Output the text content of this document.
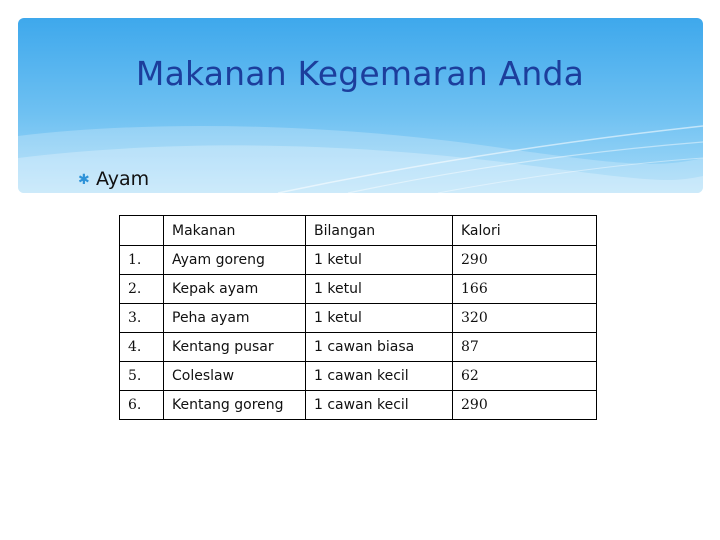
Makanan Kegemaran Anda
✱ Ayam
	Makanan	Bilangan	Kalori
1.	Ayam goreng	1 ketul	290
2.	Kepak ayam	1 ketul	166
3.	Peha ayam	1 ketul	320
4.	Kentang pusar	1 cawan biasa	87
5.	Coleslaw	1 cawan kecil	62
6.	Kentang goreng	1 cawan kecil	290
